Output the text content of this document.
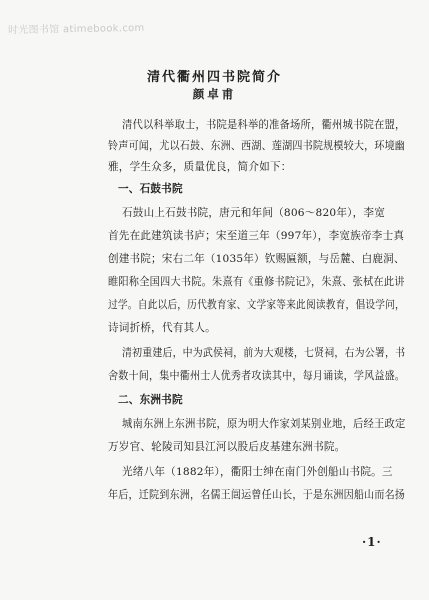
时光图书馆 atimebook.com
清代衢州四书院简介
颜卓甫
清代以科举取士，书院是科举的准备场所，衢州城书院在盟，
铃声可闻，尤以石鼓、东洲、西湖、莲湖四书院规模较大，环境幽
雅，学生众多，质量优良，简介如下：
一、石鼓书院
石鼓山上石鼓书院，唐元和年间（806～820年），李宽
首先在此建筑读书庐；宋至道三年（997年），李宽族帝李士真
创建书院；宋右二年（1035年）钦赐匾额，与岳麓、白鹿洞、
睢阳称全国四大书院。朱熹有《重修书院记》，朱熹、张栻在此讲
过学。自此以后，历代教育家、文学家等来此阅读教育，倡设学问，
诗词折桥，代有其人。
清初重建后，中为武侯祠，前为大观楼，七贤祠，右为公署，书
舍数十间，集中衢州士人优秀者攻读其中，每月诵读，学风益盛。
二、东洲书院
城南东洲上东洲书院，原为明大作家刘某别业地，后经王政定
万岁官、轮陵司知县江河以股后皮基建东洲书院。
光绪八年（1882年），衢阳士绅在南门外创船山书院。三
年后，迁院到东洲，名儒王闿运曾任山长，于是东洲因船山而名扬
·1·
